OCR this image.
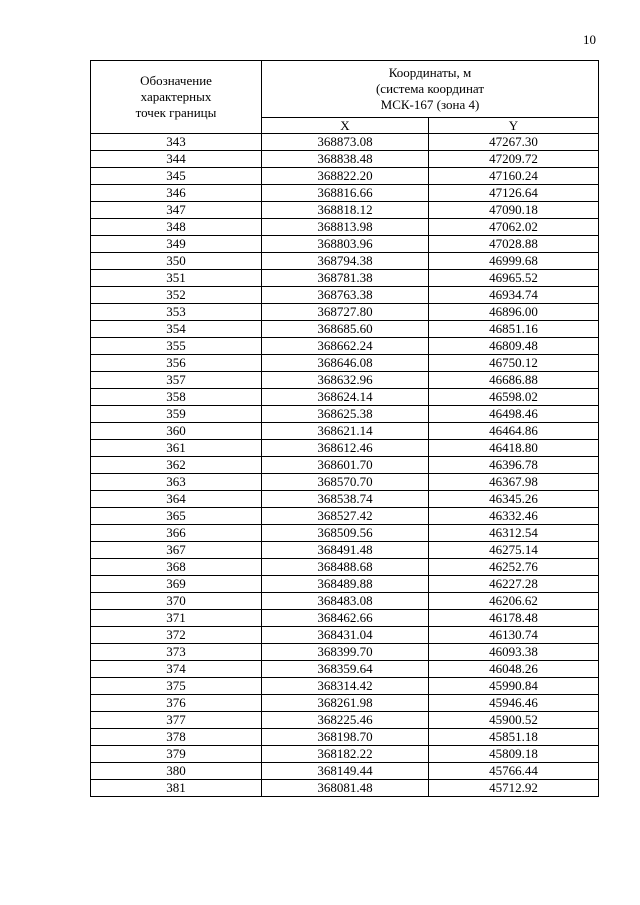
10
Обозначение
характерных
точек границы	Координаты, м
(система координат
МСК-167 (зона 4)	

	X	Y
343	368873.08	47267.30
344	368838.48	47209.72
345	368822.20	47160.24
346	368816.66	47126.64
347	368818.12	47090.18
348	368813.98	47062.02
349	368803.96	47028.88
350	368794.38	46999.68
351	368781.38	46965.52
352	368763.38	46934.74
353	368727.80	46896.00
354	368685.60	46851.16
355	368662.24	46809.48
356	368646.08	46750.12
357	368632.96	46686.88
358	368624.14	46598.02
359	368625.38	46498.46
360	368621.14	46464.86
361	368612.46	46418.80
362	368601.70	46396.78
363	368570.70	46367.98
364	368538.74	46345.26
365	368527.42	46332.46
366	368509.56	46312.54
367	368491.48	46275.14
368	368488.68	46252.76
369	368489.88	46227.28
370	368483.08	46206.62
371	368462.66	46178.48
372	368431.04	46130.74
373	368399.70	46093.38
374	368359.64	46048.26
375	368314.42	45990.84
376	368261.98	45946.46
377	368225.46	45900.52
378	368198.70	45851.18
379	368182.22	45809.18
380	368149.44	45766.44
381	368081.48	45712.92
